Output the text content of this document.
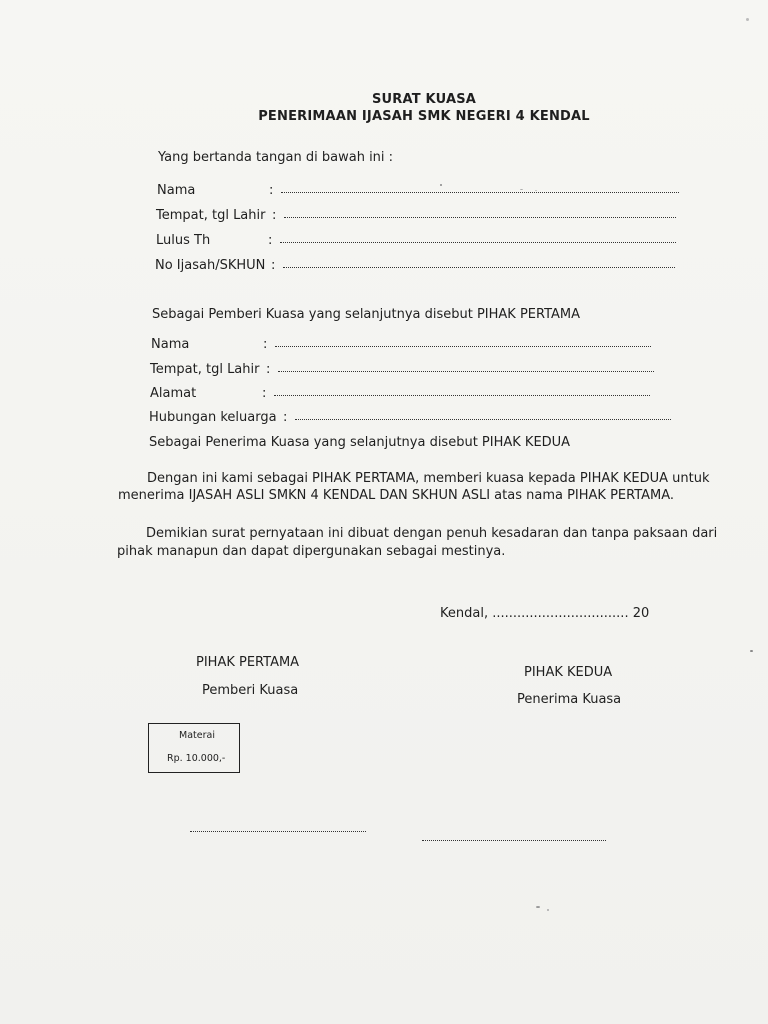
SURAT KUASA
PENERIMAAN IJASAH SMK NEGERI 4 KENDAL
Yang bertanda tangan di bawah ini :
Nama	:
Tempat, tgl Lahir :
Lulus Th	:
No Ijasah/SKHUN :
Sebagai Pemberi Kuasa yang selanjutnya disebut PIHAK PERTAMA
Nama	:
Tempat, tgl Lahir :
Alamat	:
Hubungan keluarga :
Sebagai Penerima Kuasa yang selanjutnya disebut PIHAK KEDUA
Dengan ini kami sebagai PIHAK PERTAMA, memberi kuasa kepada PIHAK KEDUA untuk
menerima IJASAH ASLI SMKN 4 KENDAL DAN SKHUN ASLI atas nama PIHAK PERTAMA.
Demikian surat pernyataan ini dibuat dengan penuh kesadaran dan tanpa paksaan dari
pihak manapun dan dapat dipergunakan sebagai mestinya.
Kendal, ................................. 20
PIHAK PERTAMA
Pemberi Kuasa
PIHAK KEDUA
Penerima Kuasa
Materai
Rp. 10.000,-
